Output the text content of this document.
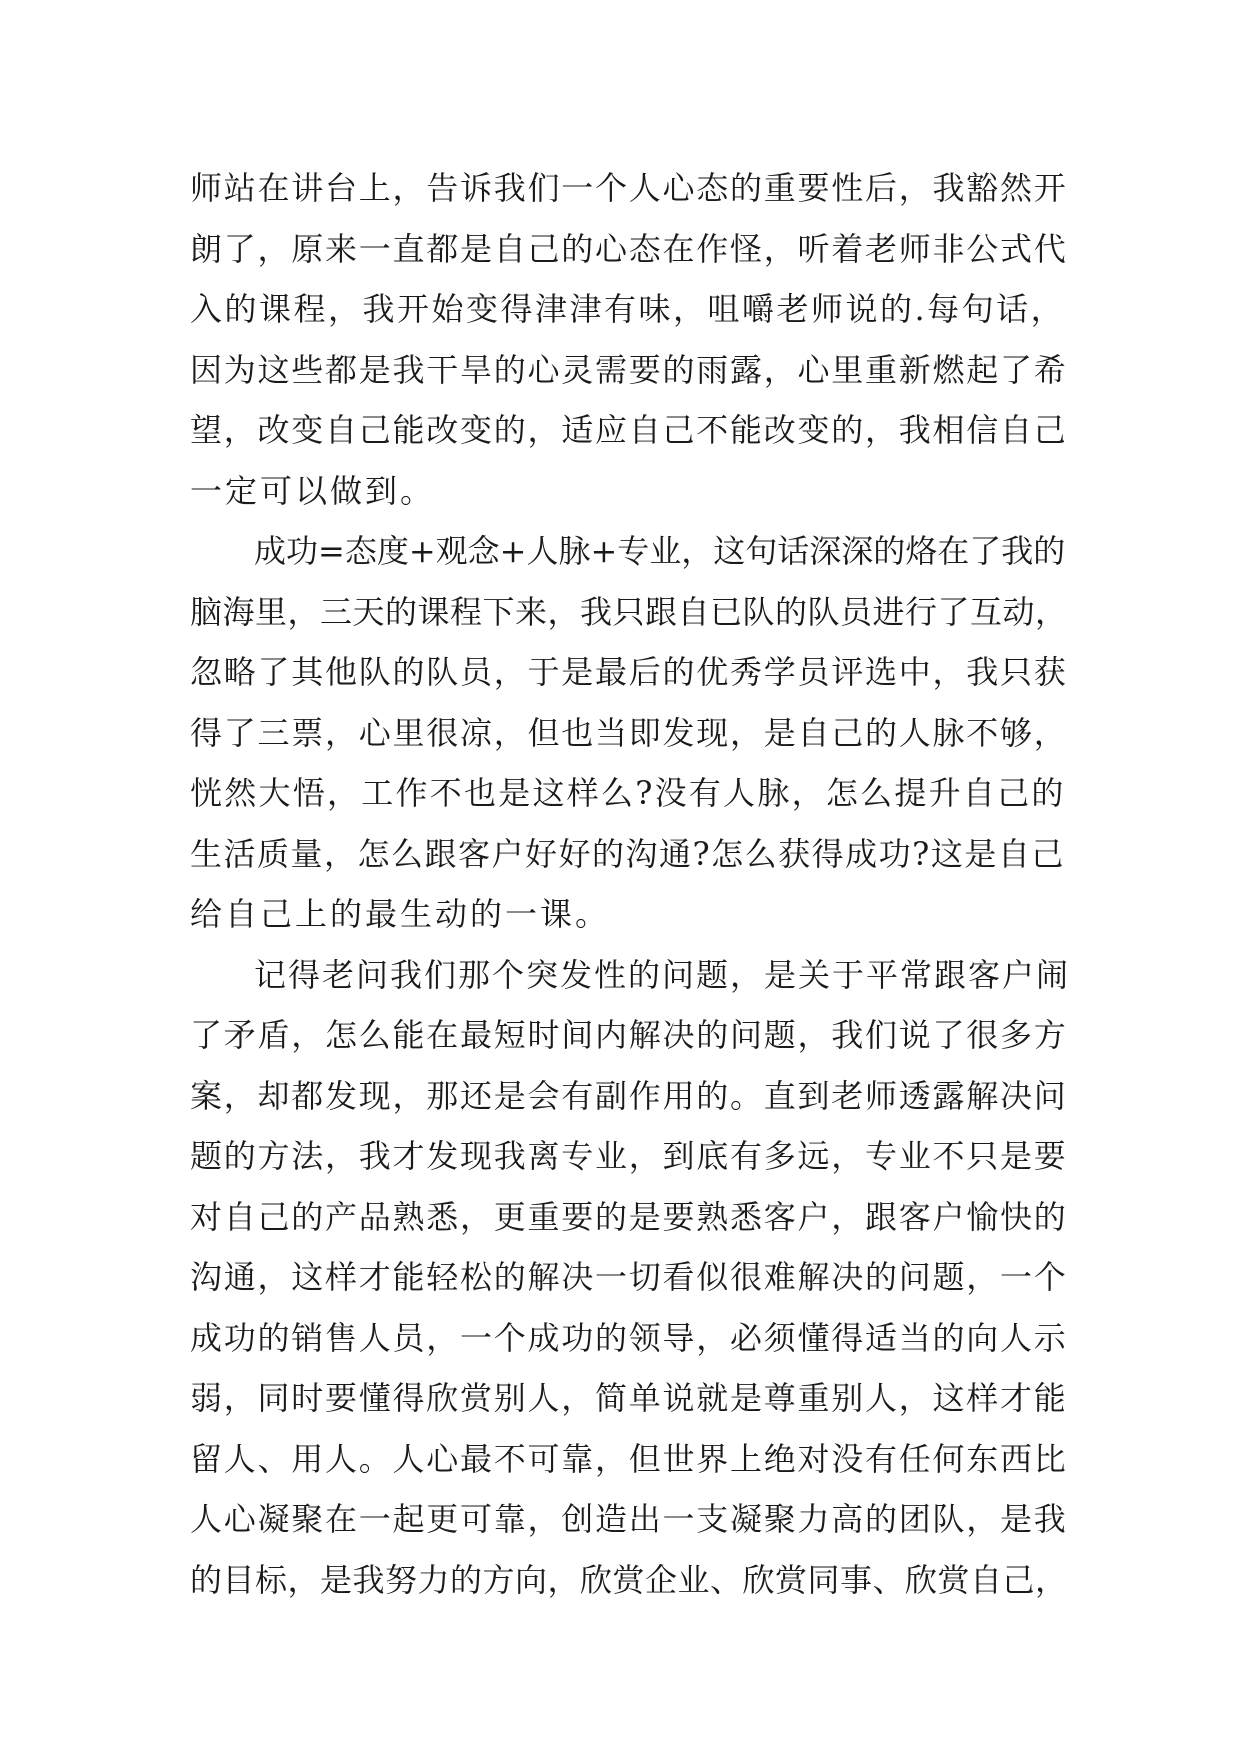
师站在讲台上，告诉我们一个人心态的重要性后，我豁然开
朗了，原来一直都是自己的心态在作怪，听着老师非公式代
入的课程，我开始变得津津有味，咀嚼老师说的.每句话，
因为这些都是我干旱的心灵需要的雨露，心里重新燃起了希
望，改变自己能改变的，适应自己不能改变的，我相信自己
一定可以做到。
成功=态度+观念+人脉+专业，这句话深深的烙在了我的
脑海里，三天的课程下来，我只跟自已队的队员进行了互动，
忽略了其他队的队员，于是最后的优秀学员评选中，我只获
得了三票，心里很凉，但也当即发现，是自己的人脉不够，
恍然大悟，工作不也是这样么?没有人脉，怎么提升自己的
生活质量，怎么跟客户好好的沟通?怎么获得成功?这是自己
给自己上的最生动的一课。
记得老问我们那个突发性的问题，是关于平常跟客户闹
了矛盾，怎么能在最短时间内解决的问题，我们说了很多方
案，却都发现，那还是会有副作用的。直到老师透露解决问
题的方法，我才发现我离专业，到底有多远，专业不只是要
对自己的产品熟悉，更重要的是要熟悉客户，跟客户愉快的
沟通，这样才能轻松的解决一切看似很难解决的问题，一个
成功的销售人员，一个成功的领导，必须懂得适当的向人示
弱，同时要懂得欣赏别人，简单说就是尊重别人，这样才能
留人、用人。人心最不可靠，但世界上绝对没有任何东西比
人心凝聚在一起更可靠，创造出一支凝聚力高的团队，是我
的目标，是我努力的方向，欣赏企业、欣赏同事、欣赏自己，
